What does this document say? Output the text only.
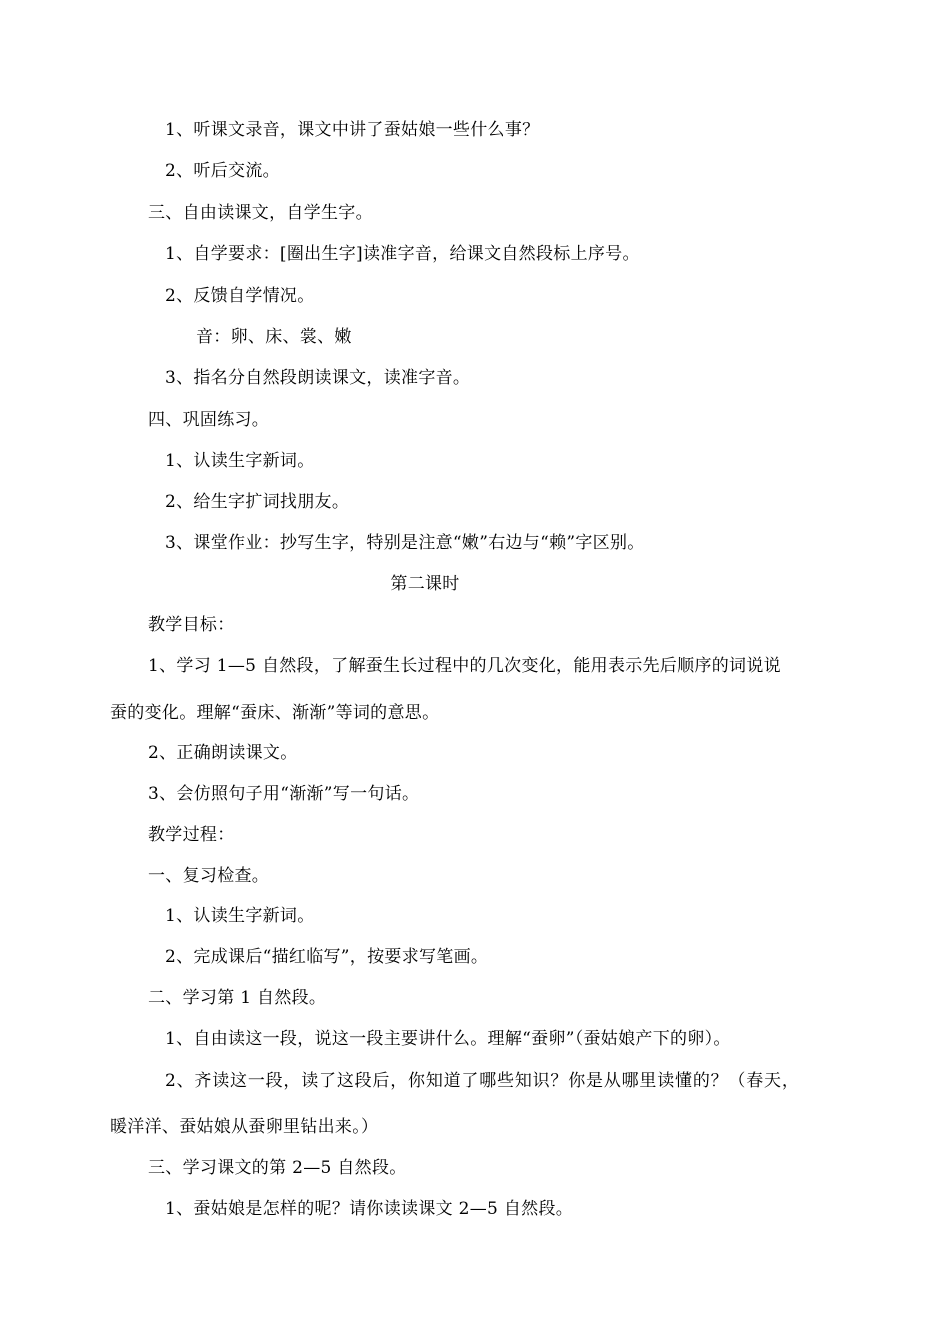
1、听课文录音，课文中讲了蚕姑娘一些什么事？
2、听后交流。
三、自由读课文，自学生字。
1、自学要求：[圈出生字]读准字音，给课文自然段标上序号。
2、反馈自学情况。
音：卵、床、裳、嫩
3、指名分自然段朗读课文，读准字音。
四、巩固练习。
1、认读生字新词。
2、给生字扩词找朋友。
3、课堂作业：抄写生字，特别是注意“嫩”右边与“赖”字区别。
第二课时
教学目标：
1、学习 1—5 自然段，了解蚕生长过程中的几次变化，能用表示先后顺序的词说说
蚕的变化。理解“蚕床、渐渐”等词的意思。
2、正确朗读课文。
3、会仿照句子用“渐渐”写一句话。
教学过程：
一、复习检查。
1、认读生字新词。
2、完成课后“描红临写”，按要求写笔画。
二、学习第 1 自然段。
1、自由读这一段，说这一段主要讲什么。理解“蚕卵”（蚕姑娘产下的卵）。
2、齐读这一段，读了这段后，你知道了哪些知识？你是从哪里读懂的？（春天，
暖洋洋、蚕姑娘从蚕卵里钻出来。）
三、学习课文的第 2—5 自然段。
1、蚕姑娘是怎样的呢？请你读读课文 2—5 自然段。
